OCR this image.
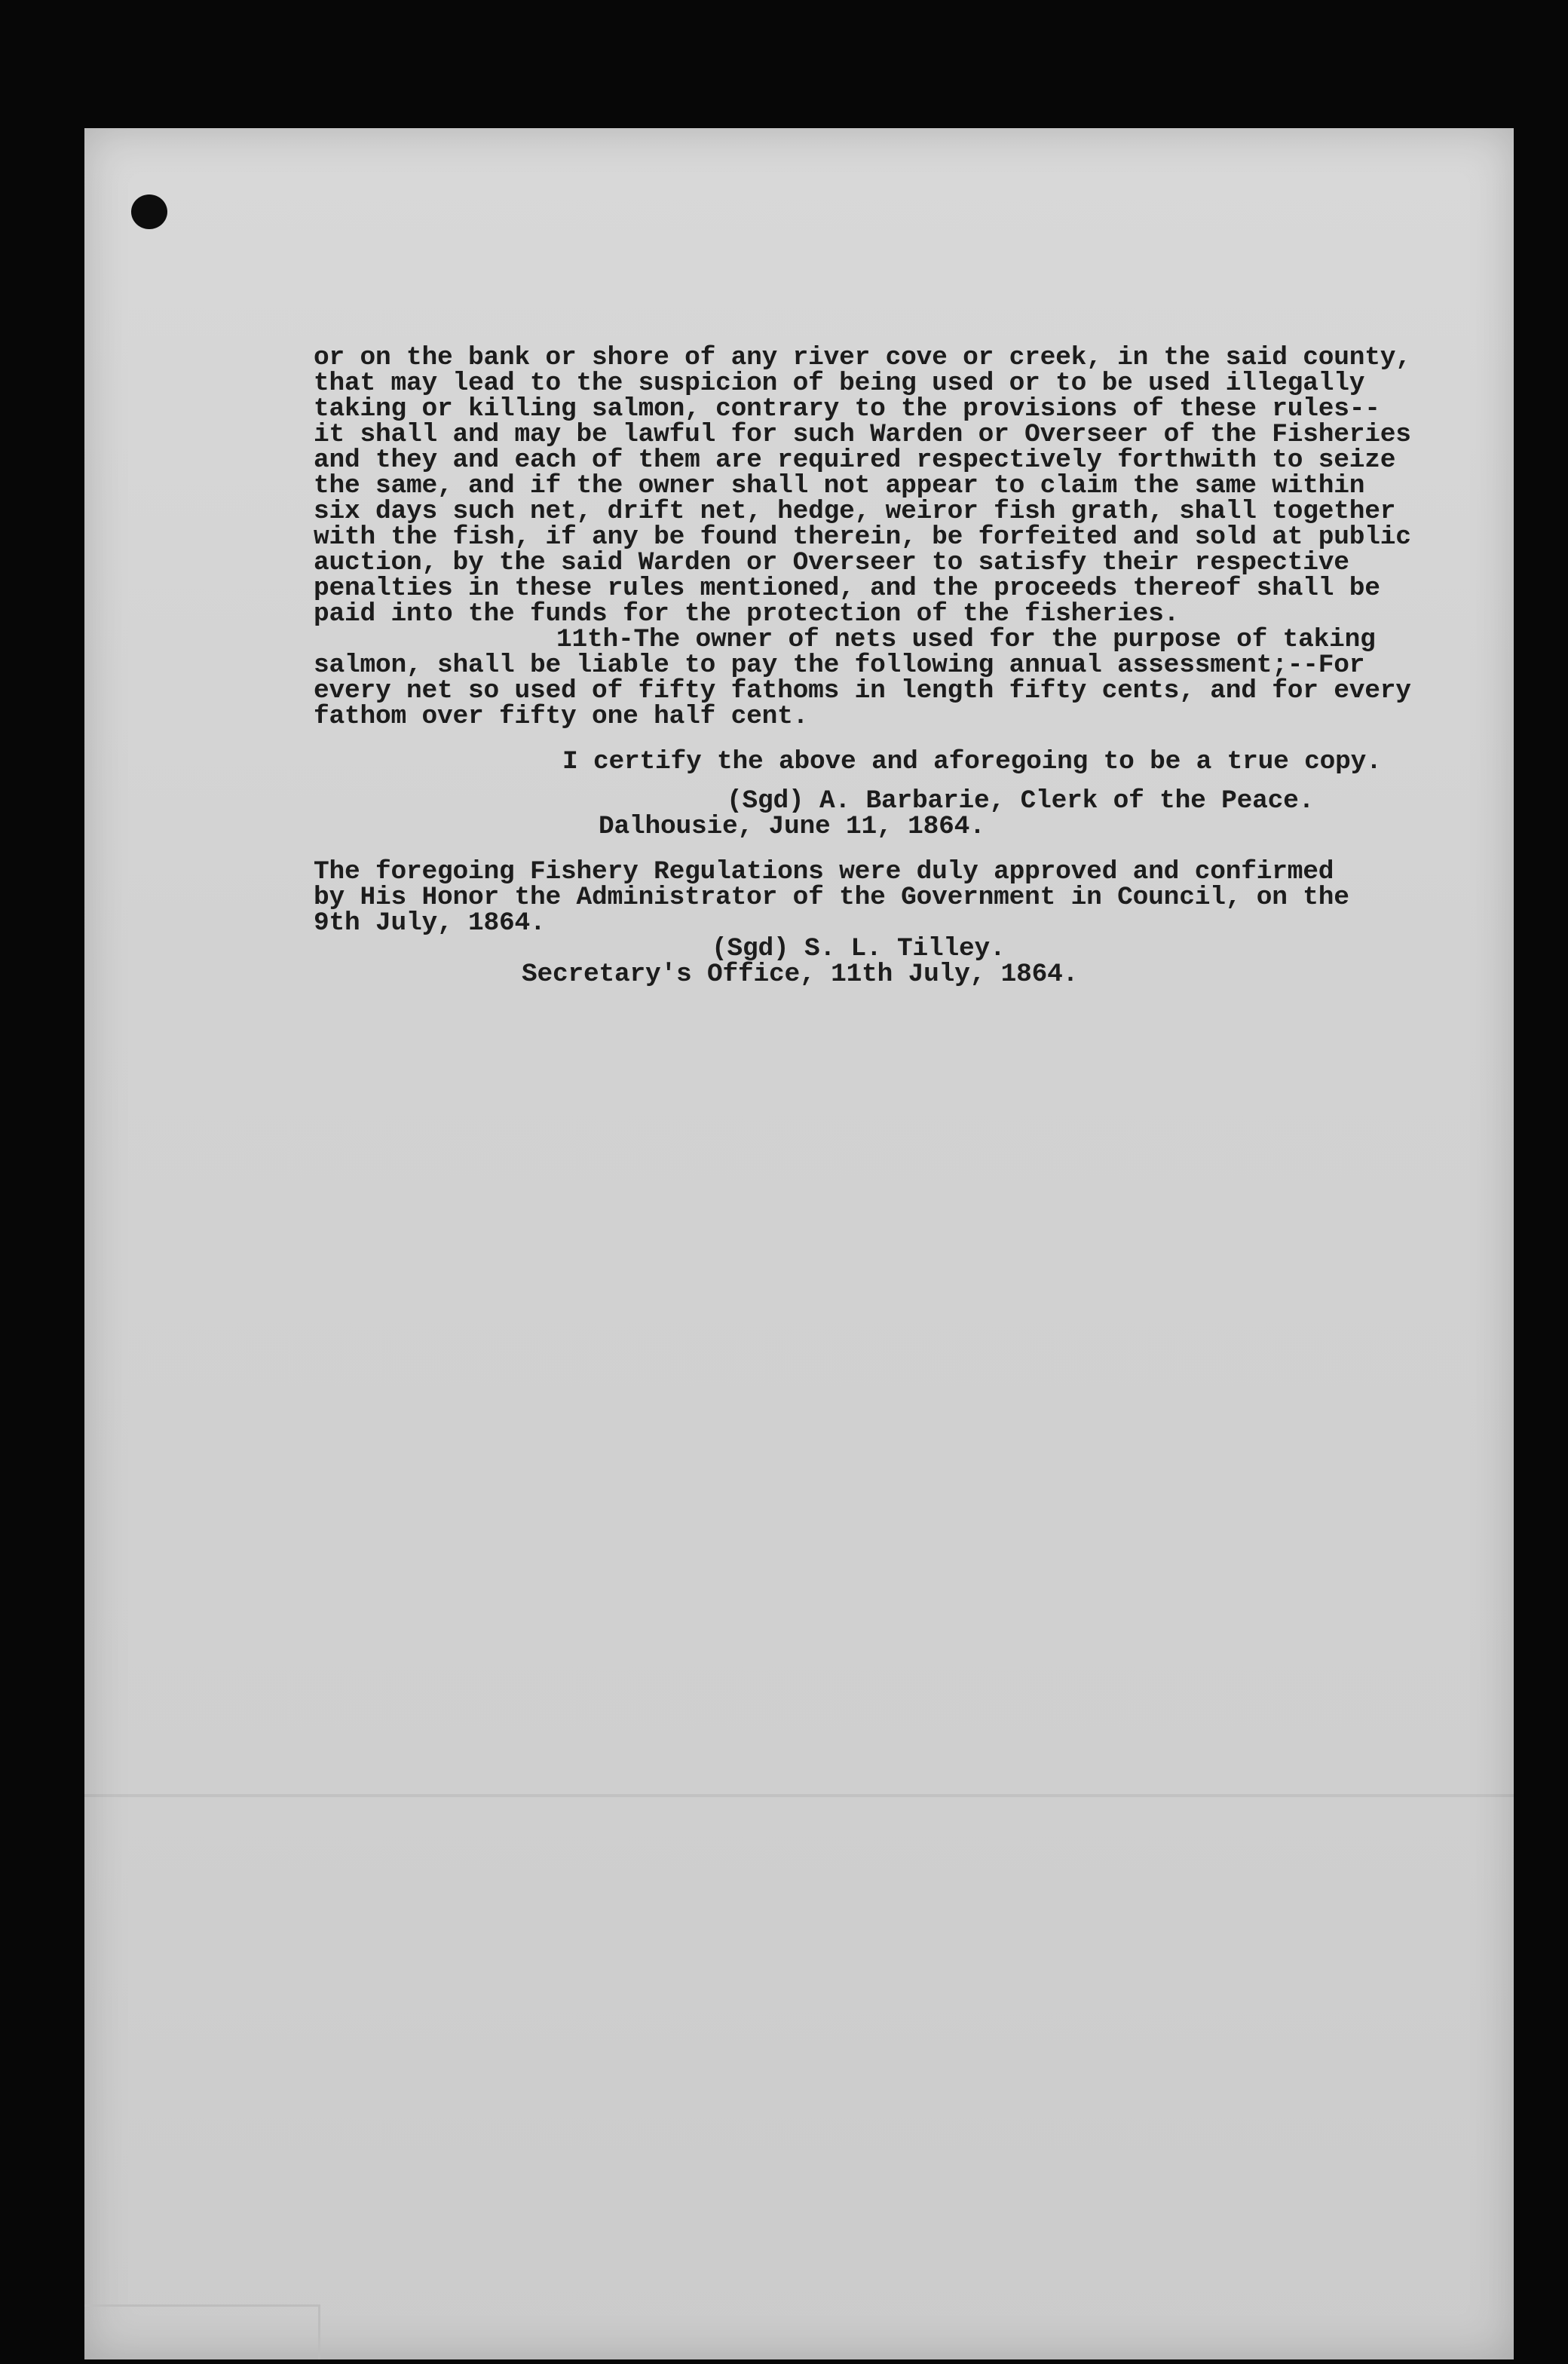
or on the bank or shore of any river cove or creek, in the said county,
that may lead to the suspicion of being used or to be used illegally
taking or killing salmon, contrary to the provisions of these rules--
it shall and may be lawful for such Warden or Overseer of the Fisheries
and they and each of them are required respectively forthwith to seize
the same, and if the owner shall not appear to claim the same within
six days such net, drift net, hedge, weiror fish grath, shall together
with the fish, if any be found therein, be forfeited and sold at public
auction, by the said Warden or Overseer to satisfy their respective
penalties in these rules mentioned, and the proceeds thereof shall be
paid into the funds for the protection of the fisheries.
11th-The owner of nets used for the purpose of taking
salmon, shall be liable to pay the following annual assessment;--For
every net so used of fifty fathoms in length fifty cents, and for every
fathom over fifty one half cent.
I certify the above and aforegoing to be a true copy.
(Sgd) A. Barbarie, Clerk of the Peace.
Dalhousie, June 11, 1864.
The foregoing Fishery Regulations were duly approved and confirmed
by His Honor the Administrator of the Government in Council, on the
9th July, 1864.
(Sgd) S. L. Tilley.
Secretary's Office, 11th July, 1864.
